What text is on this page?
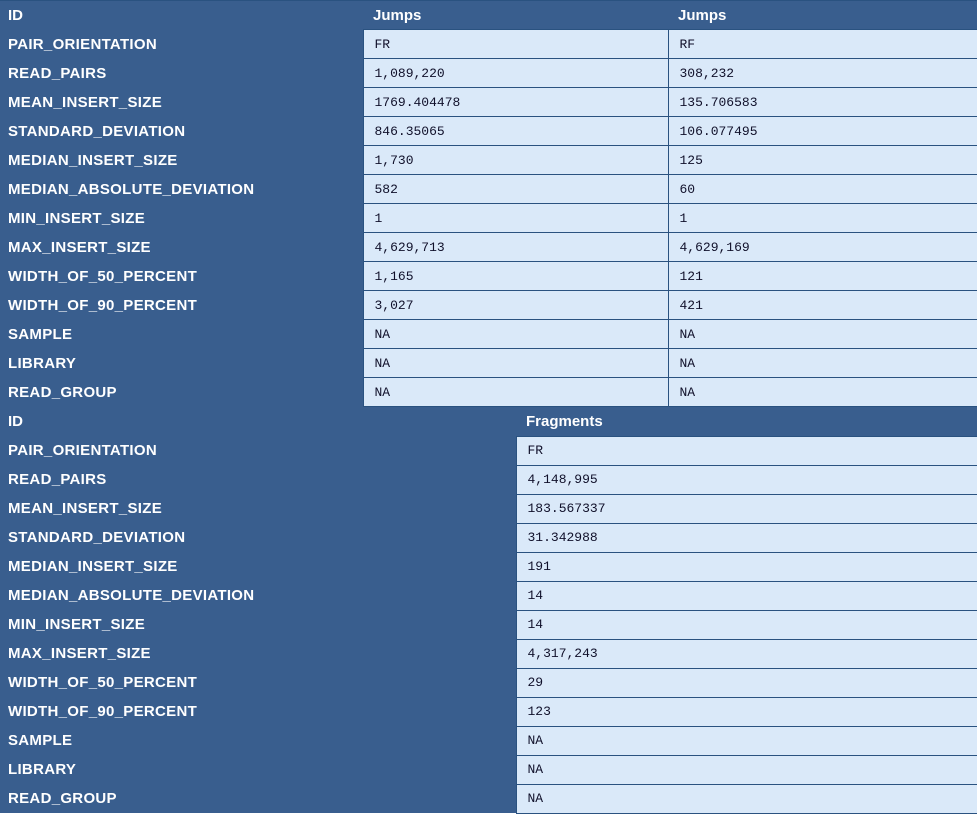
ID	Jumps	Jumps
PAIR_ORIENTATION	FR	RF
READ_PAIRS	1,089,220	308,232
MEAN_INSERT_SIZE	1769.404478	135.706583
STANDARD_DEVIATION	846.35065	106.077495
MEDIAN_INSERT_SIZE	1,730	125
MEDIAN_ABSOLUTE_DEVIATION	582	60
MIN_INSERT_SIZE	1	1
MAX_INSERT_SIZE	4,629,713	4,629,169
WIDTH_OF_50_PERCENT	1,165	121
WIDTH_OF_90_PERCENT	3,027	421
SAMPLE	NA	NA
LIBRARY	NA	NA
READ_GROUP	NA	NA
ID	Fragments
PAIR_ORIENTATION	FR
READ_PAIRS	4,148,995
MEAN_INSERT_SIZE	183.567337
STANDARD_DEVIATION	31.342988
MEDIAN_INSERT_SIZE	191
MEDIAN_ABSOLUTE_DEVIATION	14
MIN_INSERT_SIZE	14
MAX_INSERT_SIZE	4,317,243
WIDTH_OF_50_PERCENT	29
WIDTH_OF_90_PERCENT	123
SAMPLE	NA
LIBRARY	NA
READ_GROUP	NA
